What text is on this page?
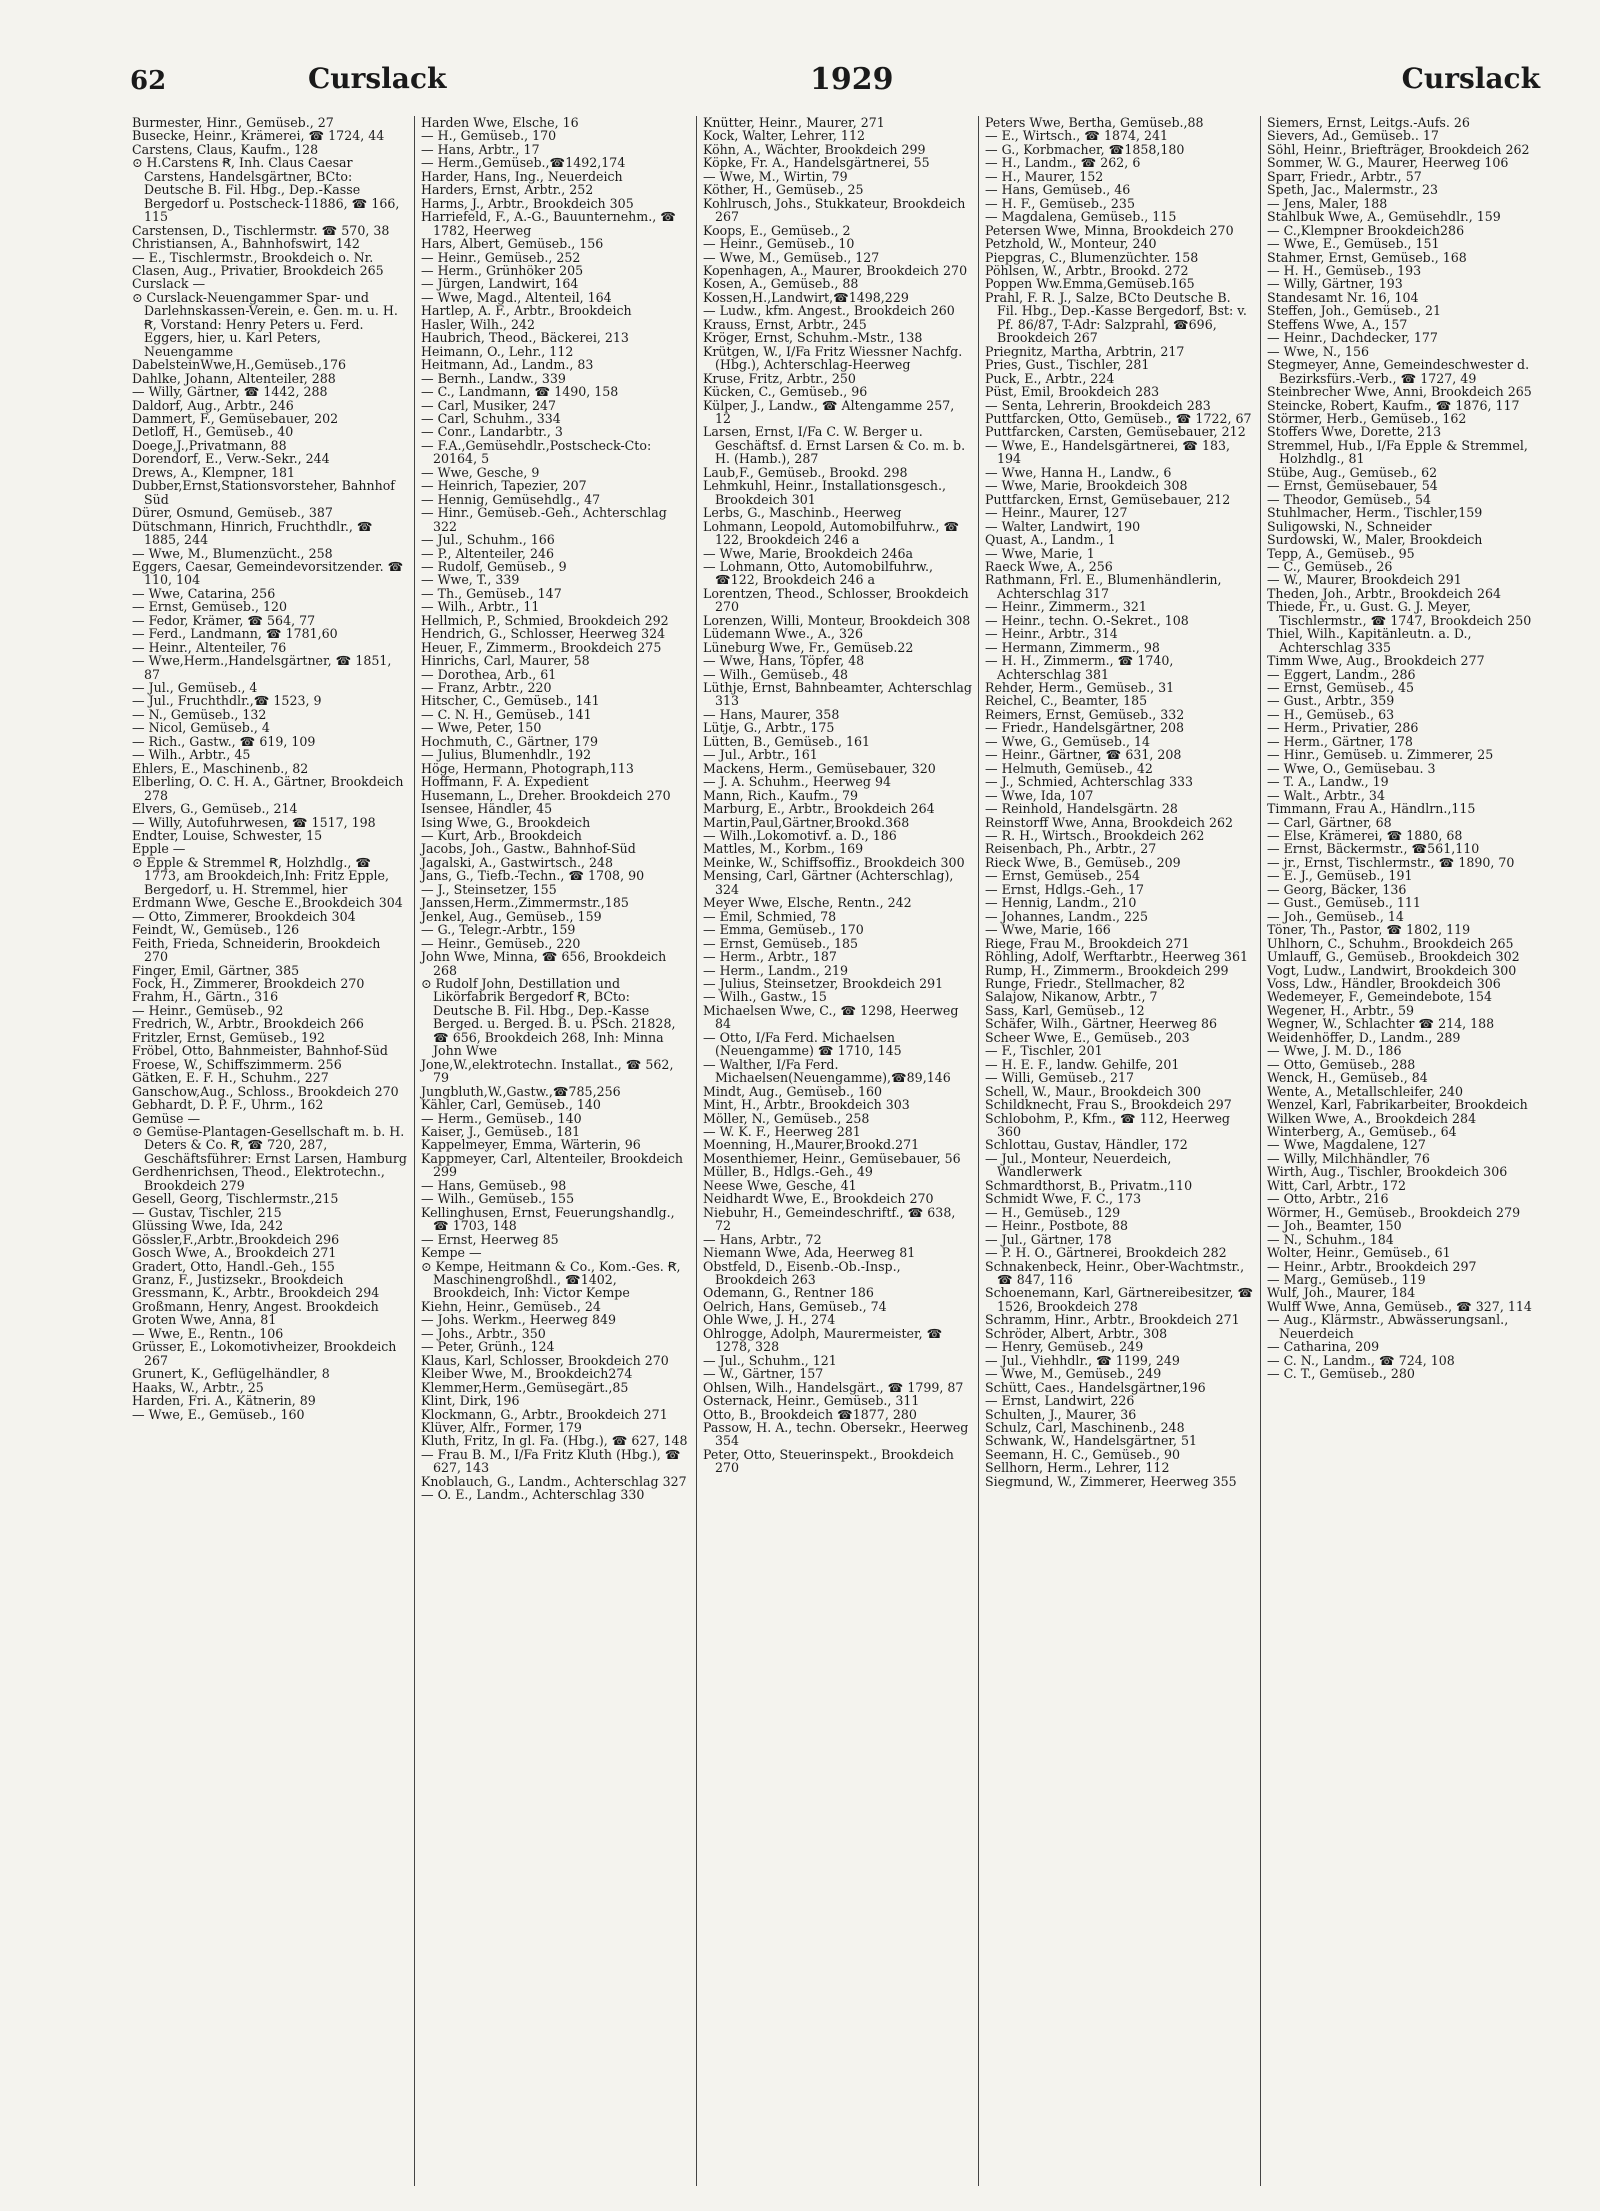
62	Curslack	1929	Curslack
Burmester, Hinr., Gemüseb., 27
Busecke, Heinr., Krämerei, ☎ 1724, 44
Carstens, Claus, Kaufm., 128
⊙ H.Carstens Ꞧ, Inh. Claus Caesar Carstens, Handelsgärtner, BCto: Deutsche B. Fil. Hbg., Dep.-Kasse Bergedorf u. Postscheck-11886, ☎ 166, 115
Carstensen, D., Tischlermstr. ☎ 570, 38
Christiansen, A., Bahnhofswirt, 142
— E., Tischlermstr., Brookdeich o. Nr.
Clasen, Aug., Privatier, Brookdeich 265
Curslack —
⊙ Curslack-Neuengammer Spar- und Darlehnskassen-Verein, e. Gen. m. u. H. Ꞧ, Vorstand: Henry Peters u. Ferd. Eggers, hier, u. Karl Peters, Neuengamme
DabelsteinWwe,H.,Gemüseb.,176
Dahlke, Johann, Altenteiler, 288
— Willy, Gärtner, ☎ 1442, 288
Daldorf, Aug., Arbtr., 246
Dammert, F., Gemüsebauer, 202
Detloff, H., Gemüseb., 40
Doege,J.,Privatmann, 88
Dorendorf, E., Verw.-Sekr., 244
Drews, A., Klempner, 181
Dubber,Ernst,Stationsvorsteher, Bahnhof Süd
Dürer, Osmund, Gemüseb., 387
Dütschmann, Hinrich, Fruchthdlr., ☎ 1885, 244
— Wwe, M., Blumenzücht., 258
Eggers, Caesar, Gemeindevorsitzender. ☎ 110, 104
— Wwe, Catarina, 256
— Ernst, Gemüseb., 120
— Fedor, Krämer, ☎ 564, 77
— Ferd., Landmann, ☎ 1781,60
— Heinr., Altenteiler, 76
— Wwe,Herm.,Handelsgärtner, ☎ 1851, 87
— Jul., Gemüseb., 4
— Jul., Fruchthdlr.,☎ 1523, 9
— N., Gemüseb., 132
— Nicol, Gemüseb., 4
— Rich., Gastw., ☎ 619, 109
— Wilh., Arbtr., 45
Ehlers, E., Maschinenb., 82
Elberling, O. C. H. A., Gärtner, Brookdeich 278
Elvers, G., Gemüseb., 214
— Willy, Autofuhrwesen, ☎ 1517, 198
Endter, Louise, Schwester, 15
Epple —
⊙ Epple & Stremmel Ꞧ, Holzhdlg., ☎ 1773, am Brookdeich,Inh: Fritz Epple, Bergedorf, u. H. Stremmel, hier
Erdmann Wwe, Gesche E.,Brookdeich 304
— Otto, Zimmerer, Brookdeich 304
Feindt, W., Gemüseb., 126
Feith, Frieda, Schneiderin, Brookdeich 270
Finger, Emil, Gärtner, 385
Fock, H., Zimmerer, Brookdeich 270
Frahm, H., Gärtn., 316
— Heinr., Gemüseb., 92
Fredrich, W., Arbtr., Brookdeich 266
Fritzler, Ernst, Gemüseb., 192
Fröbel, Otto, Bahnmeister, Bahnhof-Süd
Froese, W., Schiffszimmerm. 256
Gätken, E. F. H., Schuhm., 227
Ganschow,Aug., Schloss., Brookdeich 270
Gebhardt, D. P. F., Uhrm., 162
Gemüse —
⊙ Gemüse-Plantagen-Gesellschaft m. b. H. Deters & Co. Ꞧ, ☎ 720, 287, Geschäftsführer: Ernst Larsen, Hamburg
Gerdhenrichsen, Theod., Elektrotechn., Brookdeich 279
Gesell, Georg, Tischlermstr.,215
— Gustav, Tischler, 215
Glüssing Wwe, Ida, 242
Gössler,F.,Arbtr.,Brookdeich 296
Gosch Wwe, A., Brookdeich 271
Gradert, Otto, Handl.-Geh., 155
Granz, F., Justizsekr., Brookdeich
Gressmann, K., Arbtr., Brookdeich 294
Großmann, Henry, Angest. Brookdeich
Groten Wwe, Anna, 81
— Wwe, E., Rentn., 106
Grüsser, E., Lokomotivheizer, Brookdeich 267
Grunert, K., Geflügelhändler, 8
Haaks, W., Arbtr., 25
Harden, Fri. A., Kätnerin, 89
— Wwe, E., Gemüseb., 160
Harden Wwe, Elsche, 16
— H., Gemüseb., 170
— Hans, Arbtr., 17
— Herm.,Gemüseb.,☎1492,174
Harder, Hans, Ing., Neuerdeich
Harders, Ernst, Arbtr., 252
Harms, J., Arbtr., Brookdeich 305
Harriefeld, F., A.-G., Bauunternehm., ☎ 1782, Heerweg
Hars, Albert, Gemüseb., 156
— Heinr., Gemüseb., 252
— Herm., Grünhöker 205
— Jürgen, Landwirt, 164
— Wwe, Magd., Altenteil, 164
Hartlep, A. F., Arbtr., Brookdeich
Hasler, Wilh., 242
Haubrich, Theod., Bäckerei, 213
Heimann, O., Lehr., 112
Heitmann, Ad., Landm., 83
— Bernh., Landw., 339
— C., Landmann, ☎ 1490, 158
— Carl, Musiker, 247
— Carl, Schuhm., 334
— Conr., Landarbtr., 3
— F.A.,Gemüsehdlr.,Postscheck-Cto: 20164, 5
— Wwe, Gesche, 9
— Heinrich, Tapezier, 207
— Hennig, Gemüsehdlg., 47
— Hinr., Gemüseb.-Geh., Achterschlag 322
— Jul., Schuhm., 166
— P., Altenteiler, 246
— Rudolf, Gemüseb., 9
— Wwe, T., 339
— Th., Gemüseb., 147
— Wilh., Arbtr., 11
Hellmich, P., Schmied, Brookdeich 292
Hendrich, G., Schlosser, Heerweg 324
Heuer, F., Zimmerm., Brookdeich 275
Hinrichs, Carl, Maurer, 58
— Dorothea, Arb., 61
— Franz, Arbtr., 220
Hitscher, C., Gemüseb., 141
— C. N. H., Gemüseb., 141
— Wwe, Peter, 150
Hochmuth, C., Gärtner, 179
— Julius, Blumenhdlr., 192
Höge, Hermann, Photograph,113
Hoffmann, F. A. Expedient
Husemann, L., Dreher. Brookdeich 270
Isensee, Händler, 45
Ising Wwe, G., Brookdeich
— Kurt, Arb., Brookdeich
Jacobs, Joh., Gastw., Bahnhof-Süd
Jagalski, A., Gastwirtsch., 248
Jans, G., Tiefb.-Techn., ☎ 1708, 90
— J., Steinsetzer, 155
Janssen,Herm.,Zimmermstr.,185
Jenkel, Aug., Gemüseb., 159
— G., Telegr.-Arbtr., 159
— Heinr., Gemüseb., 220
John Wwe, Minna, ☎ 656, Brookdeich 268
⊙ Rudolf John, Destillation und Likörfabrik Bergedorf Ꞧ, BCto: Deutsche B. Fil. Hbg., Dep.-Kasse Berged. u. Berged. B. u. PSch. 21828, ☎ 656, Brookdeich 268, Inh: Minna John Wwe
Jone,W.,elektrotechn. Installat., ☎ 562, 79
Jungbluth,W.,Gastw.,☎785,256
Kähler, Carl, Gemüseb., 140
— Herm., Gemüseb., 140
Kaiser, J., Gemüseb., 181
Kappelmeyer, Emma, Wärterin, 96
Kappmeyer, Carl, Altenteiler, Brookdeich 299
— Hans, Gemüseb., 98
— Wilh., Gemüseb., 155
Kellinghusen, Ernst, Feuerungshandlg., ☎ 1703, 148
— Ernst, Heerweg 85
Kempe —
⊙ Kempe, Heitmann & Co., Kom.-Ges. Ꞧ, Maschinengroßhdl., ☎1402, Brookdeich, Inh: Victor Kempe
Kiehn, Heinr., Gemüseb., 24
— Johs. Werkm., Heerweg 849
— Johs., Arbtr., 350
— Peter, Grünh., 124
Klaus, Karl, Schlosser, Brookdeich 270
Kleiber Wwe, M., Brookdeich274
Klemmer,Herm.,Gemüsegärt.,85
Klint, Dirk, 196
Klockmann, G., Arbtr., Brookdeich 271
Klüver, Alfr., Former, 179
Kluth, Fritz, In gl. Fa. (Hbg.), ☎ 627, 148
— Frau B. M., I/Fa Fritz Kluth (Hbg.), ☎ 627, 143
Knoblauch, G., Landm., Achterschlag 327
— O. E., Landm., Achterschlag 330
Knütter, Heinr., Maurer, 271
Kock, Walter, Lehrer, 112
Köhn, A., Wächter, Brookdeich 299
Köpke, Fr. A., Handelsgärtnerei, 55
— Wwe, M., Wirtin, 79
Köther, H., Gemüseb., 25
Kohlrusch, Johs., Stukkateur, Brookdeich 267
Koops, E., Gemüseb., 2
— Heinr., Gemüseb., 10
— Wwe, M., Gemüseb., 127
Kopenhagen, A., Maurer, Brookdeich 270
Kosen, A., Gemüseb., 88
Kossen,H.,Landwirt,☎1498,229
— Ludw., kfm. Angest., Brookdeich 260
Krauss, Ernst, Arbtr., 245
Kröger, Ernst, Schuhm.-Mstr., 138
Krütgen, W., I/Fa Fritz Wiessner Nachfg. (Hbg.), Achterschlag-Heerweg
Kruse, Fritz, Arbtr., 250
Kücken, C., Gemüseb., 96
Külper, J., Landw., ☎ Altengamme 257, 12
Larsen, Ernst, I/Fa C. W. Berger u. Geschäftsf. d. Ernst Larsen & Co. m. b. H. (Hamb.), 287
Laub,F., Gemüseb., Brookd. 298
Lehmkuhl, Heinr., Installationsgesch., Brookdeich 301
Lerbs, G., Maschinb., Heerweg
Lohmann, Leopold, Automobilfuhrw., ☎ 122, Brookdeich 246 a
— Wwe, Marie, Brookdeich 246a
— Lohmann, Otto, Automobilfuhrw., ☎122, Brookdeich 246 a
Lorentzen, Theod., Schlosser, Brookdeich 270
Lorenzen, Willi, Monteur, Brookdeich 308
Lüdemann Wwe., A., 326
Lüneburg Wwe, Fr., Gemüseb.22
— Wwe, Hans, Töpfer, 48
— Wilh., Gemüseb., 48
Lüthje, Ernst, Bahnbeamter, Achterschlag 313
— Hans, Maurer, 358
Lütje, G., Arbtr., 175
Lütten, B., Gemüseb., 161
— Jul., Arbtr., 161
Mackens, Herm., Gemüsebauer, 320
— J. A. Schuhm., Heerweg 94
Mann, Rich., Kaufm., 79
Marburg, E., Arbtr., Brookdeich 264
Martin,Paul,Gärtner,Brookd.368
— Wilh.,Lokomotivf. a. D., 186
Mattles, M., Korbm., 169
Meinke, W., Schiffsoffiz., Brookdeich 300
Mensing, Carl, Gärtner (Achterschlag), 324
Meyer Wwe, Elsche, Rentn., 242
— Emil, Schmied, 78
— Emma, Gemüseb., 170
— Ernst, Gemüseb., 185
— Herm., Arbtr., 187
— Herm., Landm., 219
— Julius, Steinsetzer, Brookdeich 291
— Wilh., Gastw., 15
Michaelsen Wwe, C., ☎ 1298, Heerweg 84
— Otto, I/Fa Ferd. Michaelsen (Neuengamme) ☎ 1710, 145
— Walther, I/Fa Ferd. Michaelsen(Neuengamme),☎89,146
Mindt, Aug., Gemüseb., 160
Mint, H., Arbtr., Brookdeich 303
Möller, N., Gemüseb., 258
— W. K. F., Heerweg 281
Moenning, H.,Maurer,Brookd.271
Mosenthiemer, Heinr., Gemüsebauer, 56
Müller, B., Hdlgs.-Geh., 49
Neese Wwe, Gesche, 41
Neidhardt Wwe, E., Brookdeich 270
Niebuhr, H., Gemeindeschriftf., ☎ 638, 72
— Hans, Arbtr., 72
Niemann Wwe, Ada, Heerweg 81
Obstfeld, D., Eisenb.-Ob.-Insp., Brookdeich 263
Odemann, G., Rentner 186
Oelrich, Hans, Gemüseb., 74
Ohle Wwe, J. H., 274
Ohlrogge, Adolph, Maurermeister, ☎ 1278, 328
— Jul., Schuhm., 121
— W., Gärtner, 157
Ohlsen, Wilh., Handelsgärt., ☎ 1799, 87
Osternack, Heinr., Gemüseb., 311
Otto, B., Brookdeich ☎1877, 280
Passow, H. A., techn. Obersekr., Heerweg 354
Peter, Otto, Steuerinspekt., Brookdeich 270
Peters Wwe, Bertha, Gemüseb.,88
— E., Wirtsch., ☎ 1874, 241
— G., Korbmacher, ☎1858,180
— H., Landm., ☎ 262, 6
— H., Maurer, 152
— Hans, Gemüseb., 46
— H. F., Gemüseb., 235
— Magdalena, Gemüseb., 115
Petersen Wwe, Minna, Brookdeich 270
Petzhold, W., Monteur, 240
Piepgras, C., Blumenzüchter. 158
Pöhlsen, W., Arbtr., Brookd. 272
Poppen Ww.Emma,Gemüseb.165
Prahl, F. R. J., Salze, BCto Deutsche B. Fil. Hbg., Dep.-Kasse Bergedorf, Bst: v. Pf. 86/87, T-Adr: Salzprahl, ☎696, Brookdeich 267
Priegnitz, Martha, Arbtrin, 217
Pries, Gust., Tischler, 281
Puck, E., Arbtr., 224
Püst, Emil, Brookdeich 283
— Senta, Lehrerin, Brookdeich 283
Puttfarcken, Otto, Gemüseb., ☎ 1722, 67
Puttfarcken, Carsten, Gemüsebauer, 212
— Wwe, E., Handelsgärtnerei, ☎ 183, 194
— Wwe, Hanna H., Landw., 6
— Wwe, Marie, Brookdeich 308
Puttfarcken, Ernst, Gemüsebauer, 212
— Heinr., Maurer, 127
— Walter, Landwirt, 190
Quast, A., Landm., 1
— Wwe, Marie, 1
Raeck Wwe, A., 256
Rathmann, Frl. E., Blumenhändlerin, Achterschlag 317
— Heinr., Zimmerm., 321
— Heinr., techn. O.-Sekret., 108
— Heinr., Arbtr., 314
— Hermann, Zimmerm., 98
— H. H., Zimmerm., ☎ 1740, Achterschlag 381
Rehder, Herm., Gemüseb., 31
Reichel, C., Beamter, 185
Reimers, Ernst, Gemüseb., 332
— Friedr., Handelsgärtner, 208
— Wwe, G., Gemüseb., 14
— Heinr., Gärtner, ☎ 631, 208
— Helmuth, Gemüseb., 42
— J., Schmied, Achterschlag 333
— Wwe, Ida, 107
— Reinhold, Handelsgärtn. 28
Reinstorff Wwe, Anna, Brookdeich 262
— R. H., Wirtsch., Brookdeich 262
Reisenbach, Ph., Arbtr., 27
Rieck Wwe, B., Gemüseb., 209
— Ernst, Gemüseb., 254
— Ernst, Hdlgs.-Geh., 17
— Hennig, Landm., 210
— Johannes, Landm., 225
— Wwe, Marie, 166
Riege, Frau M., Brookdeich 271
Röhling, Adolf, Werftarbtr., Heerweg 361
Rump, H., Zimmerm., Brookdeich 299
Runge, Friedr., Stellmacher, 82
Salajow, Nikanow, Arbtr., 7
Sass, Karl, Gemüseb., 12
Schäfer, Wilh., Gärtner, Heerweg 86
Scheer Wwe, E., Gemüseb., 203
— F., Tischler, 201
— H. E. F., landw. Gehilfe, 201
— Willi, Gemüseb., 217
Schell, W., Maur., Brookdeich 300
Schildknecht, Frau S., Brookdeich 297
Schlobohm, P., Kfm., ☎ 112, Heerweg 360
Schlottau, Gustav, Händler, 172
— Jul., Monteur, Neuerdeich, Wandlerwerk
Schmardthorst, B., Privatm.,110
Schmidt Wwe, F. C., 173
— H., Gemüseb., 129
— Heinr., Postbote, 88
— Jul., Gärtner, 178
— P. H. O., Gärtnerei, Brookdeich 282
Schnakenbeck, Heinr., Ober-Wachtmstr., ☎ 847, 116
Schoenemann, Karl, Gärtnereibesitzer, ☎ 1526, Brookdeich 278
Schramm, Hinr., Arbtr., Brookdeich 271
Schröder, Albert, Arbtr., 308
— Henry, Gemüseb., 249
— Jul., Viehhdlr., ☎ 1199, 249
— Wwe, M., Gemüseb., 249
Schütt, Caes., Handelsgärtner,196
— Ernst, Landwirt, 226
Schulten, J., Maurer, 36
Schulz, Carl, Maschinenb., 248
Schwank, W., Handelsgärtner, 51
Seemann, H. C., Gemüseb., 90
Sellhorn, Herm., Lehrer, 112
Siegmund, W., Zimmerer, Heerweg 355
Siemers, Ernst, Leitgs.-Aufs. 26
Sievers, Ad., Gemüseb.. 17
Söhl, Heinr., Briefträger, Brookdeich 262
Sommer, W. G., Maurer, Heerweg 106
Sparr, Friedr., Arbtr., 57
Speth, Jac., Malermstr., 23
— Jens, Maler, 188
Stahlbuk Wwe, A., Gemüsehdlr., 159
— C.,Klempner Brookdeich286
— Wwe, E., Gemüseb., 151
Stahmer, Ernst, Gemüseb., 168
— H. H., Gemüseb., 193
— Willy, Gärtner, 193
Standesamt Nr. 16, 104
Steffen, Joh., Gemüseb., 21
Steffens Wwe, A., 157
— Heinr., Dachdecker, 177
— Wwe, N., 156
Stegmeyer, Anne, Gemeindeschwester d. Bezirksfürs.-Verb., ☎ 1727, 49
Steinbrecher Wwe, Anni, Brookdeich 265
Steincke, Robert, Kaufm., ☎ 1876, 117
Störmer, Herb., Gemüseb., 162
Stoffers Wwe, Dorette, 213
Stremmel, Hub., I/Fa Epple & Stremmel, Holzhdlg., 81
Stübe, Aug., Gemüseb., 62
— Ernst, Gemüsebauer, 54
— Theodor, Gemüseb., 54
Stuhlmacher, Herm., Tischler,159
Suligowski, N., Schneider
Surdowski, W., Maler, Brookdeich
Tepp, A., Gemüseb., 95
— C., Gemüseb., 26
— W., Maurer, Brookdeich 291
Theden, Joh., Arbtr., Brookdeich 264
Thiede, Fr., u. Gust. G. J. Meyer, Tischlermstr., ☎ 1747, Brookdeich 250
Thiel, Wilh., Kapitänleutn. a. D., Achterschlag 335
Timm Wwe, Aug., Brookdeich 277
— Eggert, Landm., 286
— Ernst, Gemüseb., 45
— Gust., Arbtr., 359
— H., Gemüseb., 63
— Herm., Privatier, 286
— Herm., Gärtner, 178
— Hinr., Gemüseb. u. Zimmerer, 25
— Wwe, O., Gemüsebau. 3
— T. A., Landw., 19
— Walt., Arbtr., 34
Timmann, Frau A., Händlrn.,115
— Carl, Gärtner, 68
— Else, Krämerei, ☎ 1880, 68
— Ernst, Bäckermstr., ☎561,110
— jr., Ernst, Tischlermstr., ☎ 1890, 70
— E. J., Gemüseb., 191
— Georg, Bäcker, 136
— Gust., Gemüseb., 111
— Joh., Gemüseb., 14
Töner, Th., Pastor, ☎ 1802, 119
Uhlhorn, C., Schuhm., Brookdeich 265
Umlauff, G., Gemüseb., Brookdeich 302
Vogt, Ludw., Landwirt, Brookdeich 300
Voss, Ldw., Händler, Brookdeich 306
Wedemeyer, F., Gemeindebote, 154
Wegener, H., Arbtr., 59
Wegner, W., Schlachter ☎ 214, 188
Weidenhöffer, D., Landm., 289
— Wwe, J. M. D., 186
— Otto, Gemüseb., 288
Wenck, H., Gemüseb., 84
Wente, A., Metallschleifer, 240
Wenzel, Karl, Fabrikarbeiter, Brookdeich
Wilken Wwe, A., Brookdeich 284
Winterberg, A., Gemüseb., 64
— Wwe, Magdalene, 127
— Willy, Milchhändler, 76
Wirth, Aug., Tischler, Brookdeich 306
Witt, Carl, Arbtr., 172
— Otto, Arbtr., 216
Wörmer, H., Gemüseb., Brookdeich 279
— Joh., Beamter, 150
— N., Schuhm., 184
Wolter, Heinr., Gemüseb., 61
— Heinr., Arbtr., Brookdeich 297
— Marg., Gemüseb., 119
Wulf, Joh., Maurer, 184
Wulff Wwe, Anna, Gemüseb., ☎ 327, 114
— Aug., Klärmstr., Abwässerungsanl., Neuerdeich
— Catharina, 209
— C. N., Landm., ☎ 724, 108
— C. T., Gemüseb., 280
